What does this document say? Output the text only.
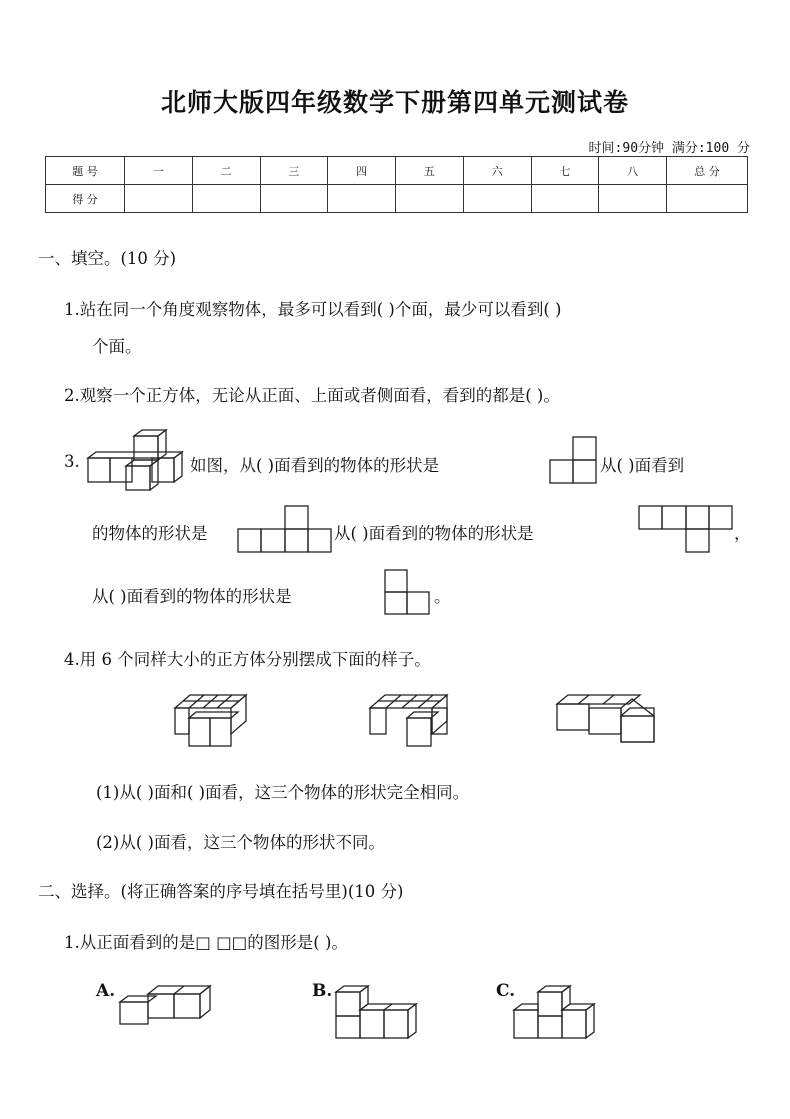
北师大版四年级数学下册第四单元测试卷
时间:90分钟 满分:100 分
题 号	一	二	三	四	五	六	七	八	总 分
得 分									
一、填空。(10 分)
1.站在同一个角度观察物体，最多可以看到( )个面，最少可以看到( )
个面。
2.观察一个正方体，无论从正面、上面或者侧面看，看到的都是( )。
3.	如图，从( )面看到的物体的形状是	从( )面看到
的物体的形状是	从( )面看到的物体的形状是	，
从( )面看到的物体的形状是	。
4.用 6 个同样大小的正方体分别摆成下面的样子。
(1)从( )面和( )面看，这三个物体的形状完全相同。
(2)从( )面看，这三个物体的形状不同。
二、选择。(将正确答案的序号填在括号里)(10 分)
1.从正面看到的是□ □□的图形是( )。
A.	B.	C.
